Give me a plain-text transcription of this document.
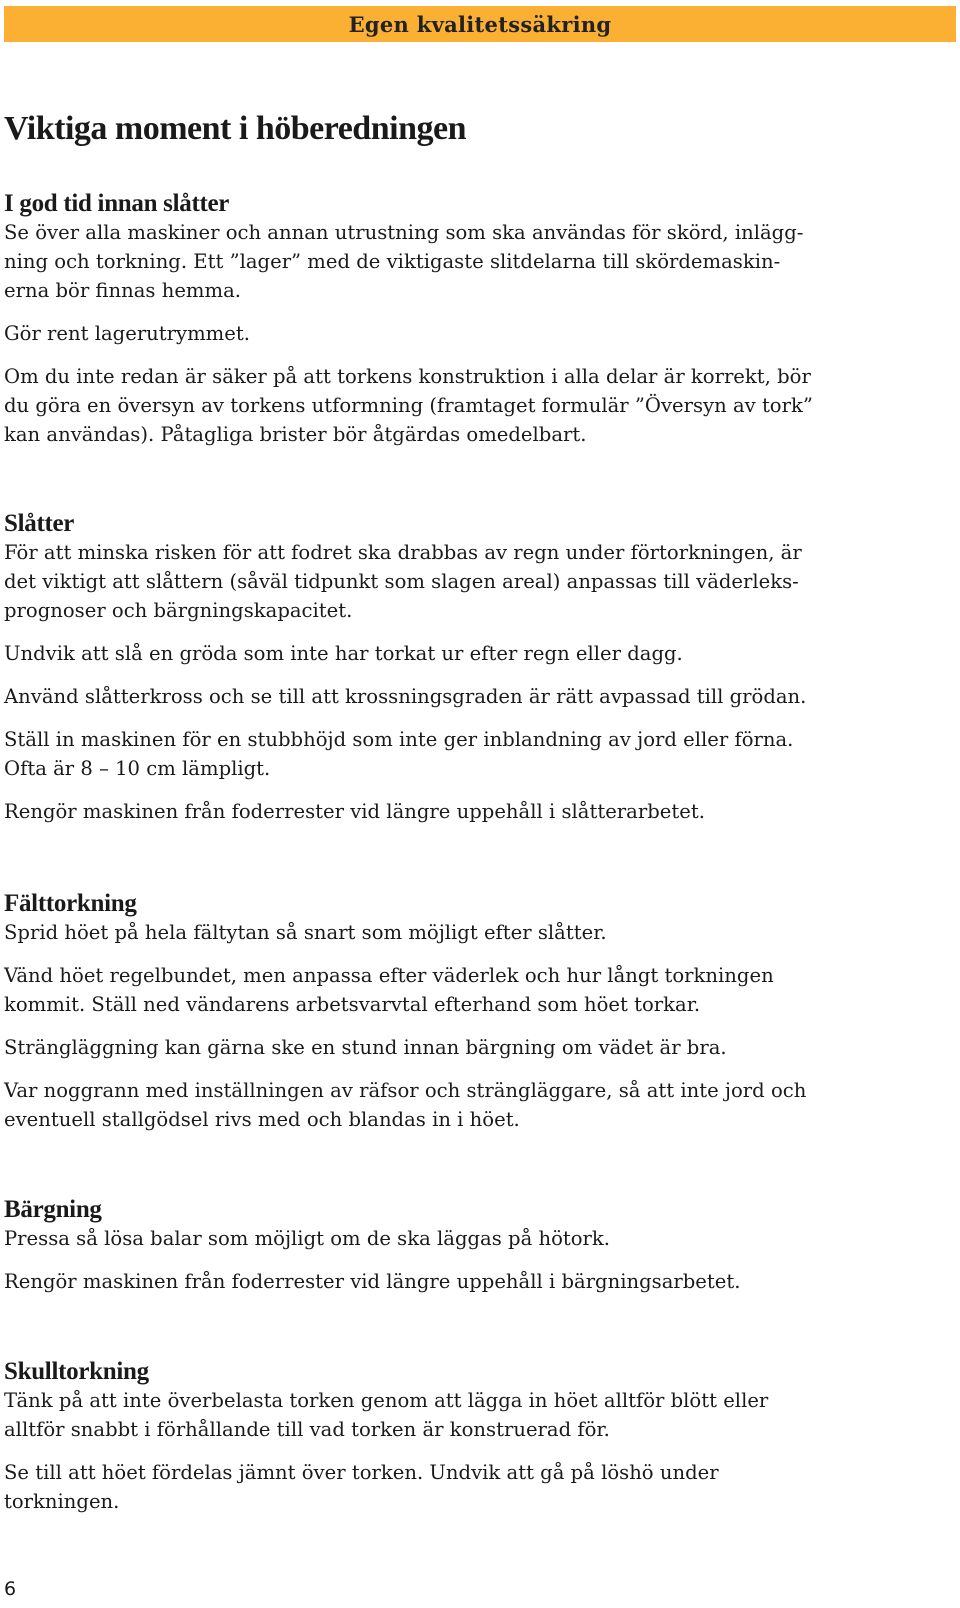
Egen kvalitetssäkring
Viktiga moment i höberedningen
I god tid innan slåtter

Se över alla maskiner och annan utrustning som ska användas för skörd, inlägg-
ning och torkning. Ett ”lager” med de viktigaste slitdelarna till skördemaskin-
erna bör finnas hemma.

Gör rent lagerutrymmet.

Om du inte redan är säker på att torkens konstruktion i alla delar är korrekt, bör
du göra en översyn av torkens utformning (framtaget formulär ”Översyn av tork”
kan användas). Påtagliga brister bör åtgärdas omedelbart.

Slåtter

För att minska risken för att fodret ska drabbas av regn under förtorkningen, är
det viktigt att slåttern (såväl tidpunkt som slagen areal) anpassas till väderleks-
prognoser och bärgningskapacitet.

Undvik att slå en gröda som inte har torkat ur efter regn eller dagg.

Använd slåtterkross och se till att krossningsgraden är rätt avpassad till grödan.

Ställ in maskinen för en stubbhöjd som inte ger inblandning av jord eller förna.
Ofta är 8 – 10 cm lämpligt.

Rengör maskinen från foderrester vid längre uppehåll i slåtterarbetet.

Fälttorkning

Sprid höet på hela fältytan så snart som möjligt efter slåtter.

Vänd höet regelbundet, men anpassa efter väderlek och hur långt torkningen
kommit. Ställ ned vändarens arbetsvarvtal efterhand som höet torkar.

Strängläggning kan gärna ske en stund innan bärgning om vädet är bra.

Var noggrann med inställningen av räfsor och strängläggare, så att inte jord och
eventuell stallgödsel rivs med och blandas in i höet.

Bärgning

Pressa så lösa balar som möjligt om de ska läggas på hötork.

Rengör maskinen från foderrester vid längre uppehåll i bärgningsarbetet.

Skulltorkning

Tänk på att inte överbelasta torken genom att lägga in höet alltför blött eller
alltför snabbt i förhållande till vad torken är konstruerad för.

Se till att höet fördelas jämnt över torken. Undvik att gå på löshö under
torkningen.

6
